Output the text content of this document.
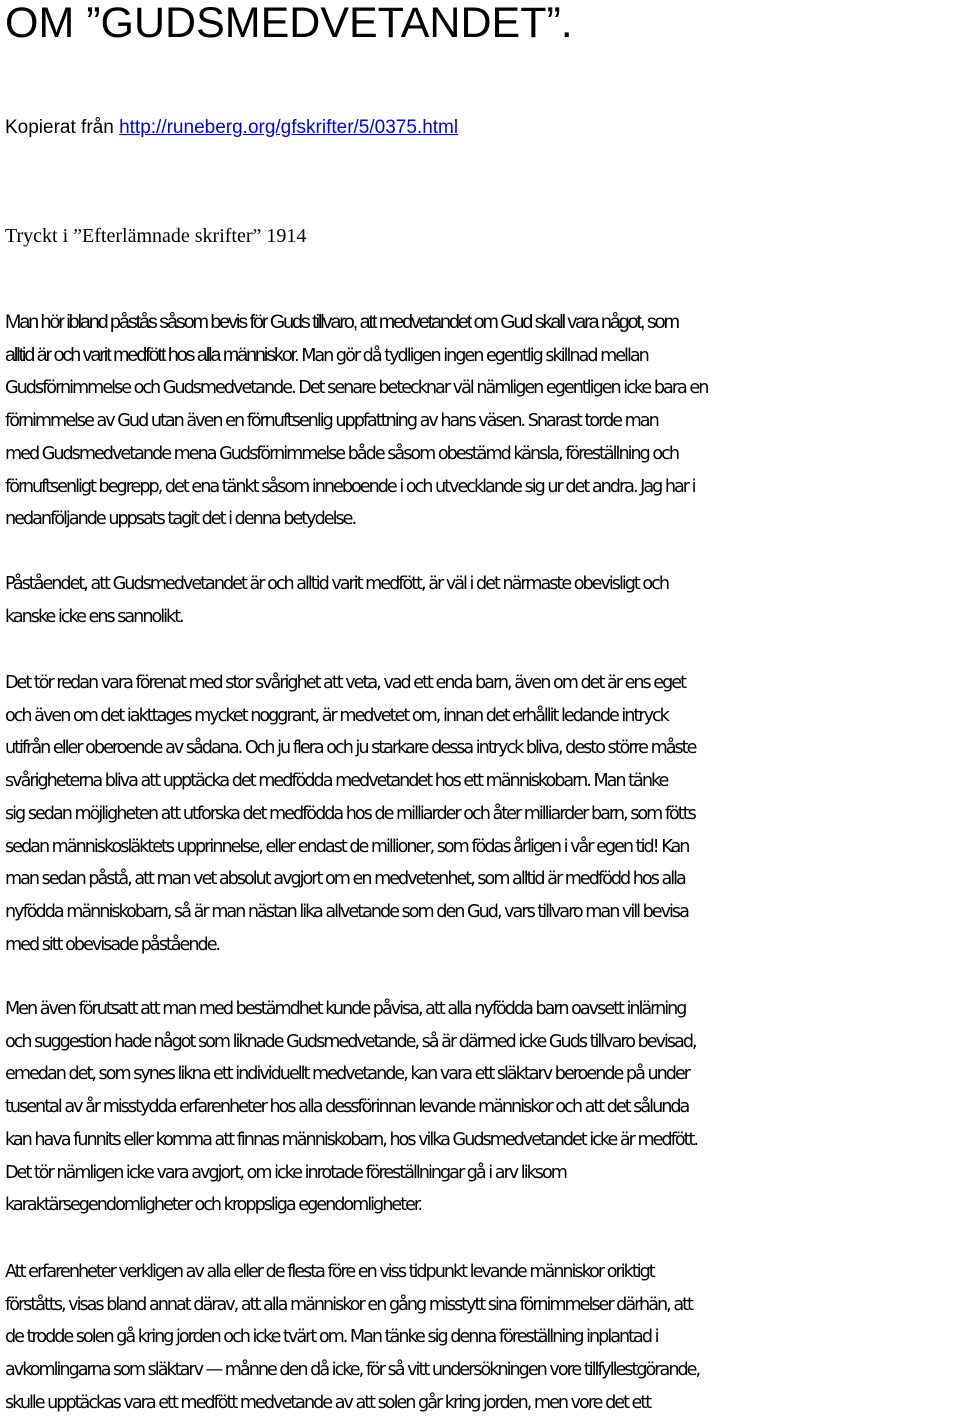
OM ”GUDSMEDVETANDET”.
Kopierat från http://runeberg.org/gfskrifter/5/0375.html
Tryckt i ”Efterlämnade skrifter” 1914

Man hör ibland påstås såsom bevis för Guds tillvaro, att medvetandet om Gud skall vara något, som
alltid är och varit medfött hos alla människor. Man gör då tydligen ingen egentlig skillnad mellan
Gudsförnimmelse och Gudsmedvetande. Det senare betecknar väl nämligen egentligen icke bara en
förnimmelse av Gud utan även en förnuftsenlig uppfattning av hans väsen. Snarast torde man
med Gudsmedvetande mena Gudsförnimmelse både såsom obestämd känsla, föreställning och
förnuftsenligt begrepp, det ena tänkt såsom inneboende i och utvecklande sig ur det andra. Jag har i
nedanföljande uppsats tagit det i denna betydelse.

Påståendet, att Gudsmedvetandet är och alltid varit medfött, är väl i det närmaste obevisligt och
kanske icke ens sannolikt.

Det tör redan vara förenat med stor svårighet att veta, vad ett enda barn, även om det är ens eget
och även om det iakttages mycket noggrant, är medvetet om, innan det erhållit ledande intryck
utifrån eller oberoende av sådana. Och ju flera och ju starkare dessa intryck bliva, desto större måste
svårigheterna bliva att upptäcka det medfödda medvetandet hos ett människobarn. Man tänke
sig sedan möjligheten att utforska det medfödda hos de milliarder och åter milliarder barn, som fötts
sedan människosläktets upprinnelse, eller endast de millioner, som födas årligen i vår egen tid! Kan
man sedan påstå, att man vet absolut avgjort om en medvetenhet, som alltid är medfödd hos alla
nyfödda människobarn, så är man nästan lika allvetande som den Gud, vars tillvaro man vill bevisa
med sitt obevisade påstående.

Men även förutsatt att man med bestämdhet kunde påvisa, att alla nyfödda barn oavsett inlärning
och suggestion hade något som liknade Gudsmedvetande, så är därmed icke Guds tillvaro bevisad,
emedan det, som synes likna ett individuellt medvetande, kan vara ett släktarv beroende på under
tusental av år misstydda erfarenheter hos alla dessförinnan levande människor och att det sålunda
kan hava funnits eller komma att finnas människobarn, hos vilka Gudsmedvetandet icke är medfött.
Det tör nämligen icke vara avgjort, om icke inrotade föreställningar gå i arv liksom
karaktärsegendomligheter och kroppsliga egendomligheter.

Att erfarenheter verkligen av alla eller de flesta före en viss tidpunkt levande människor oriktigt
förståtts, visas bland annat därav, att alla människor en gång misstytt sina förnimmelser därhän, att
de trodde solen gå kring jorden och icke tvärt om. Man tänke sig denna föreställning inplantad i
avkomlingarna som släktarv — månne den då icke, för så vitt undersökningen vore tillfyllestgörande,
skulle upptäckas vara ett medfött medvetande av att solen går kring jorden, men vore det ett
